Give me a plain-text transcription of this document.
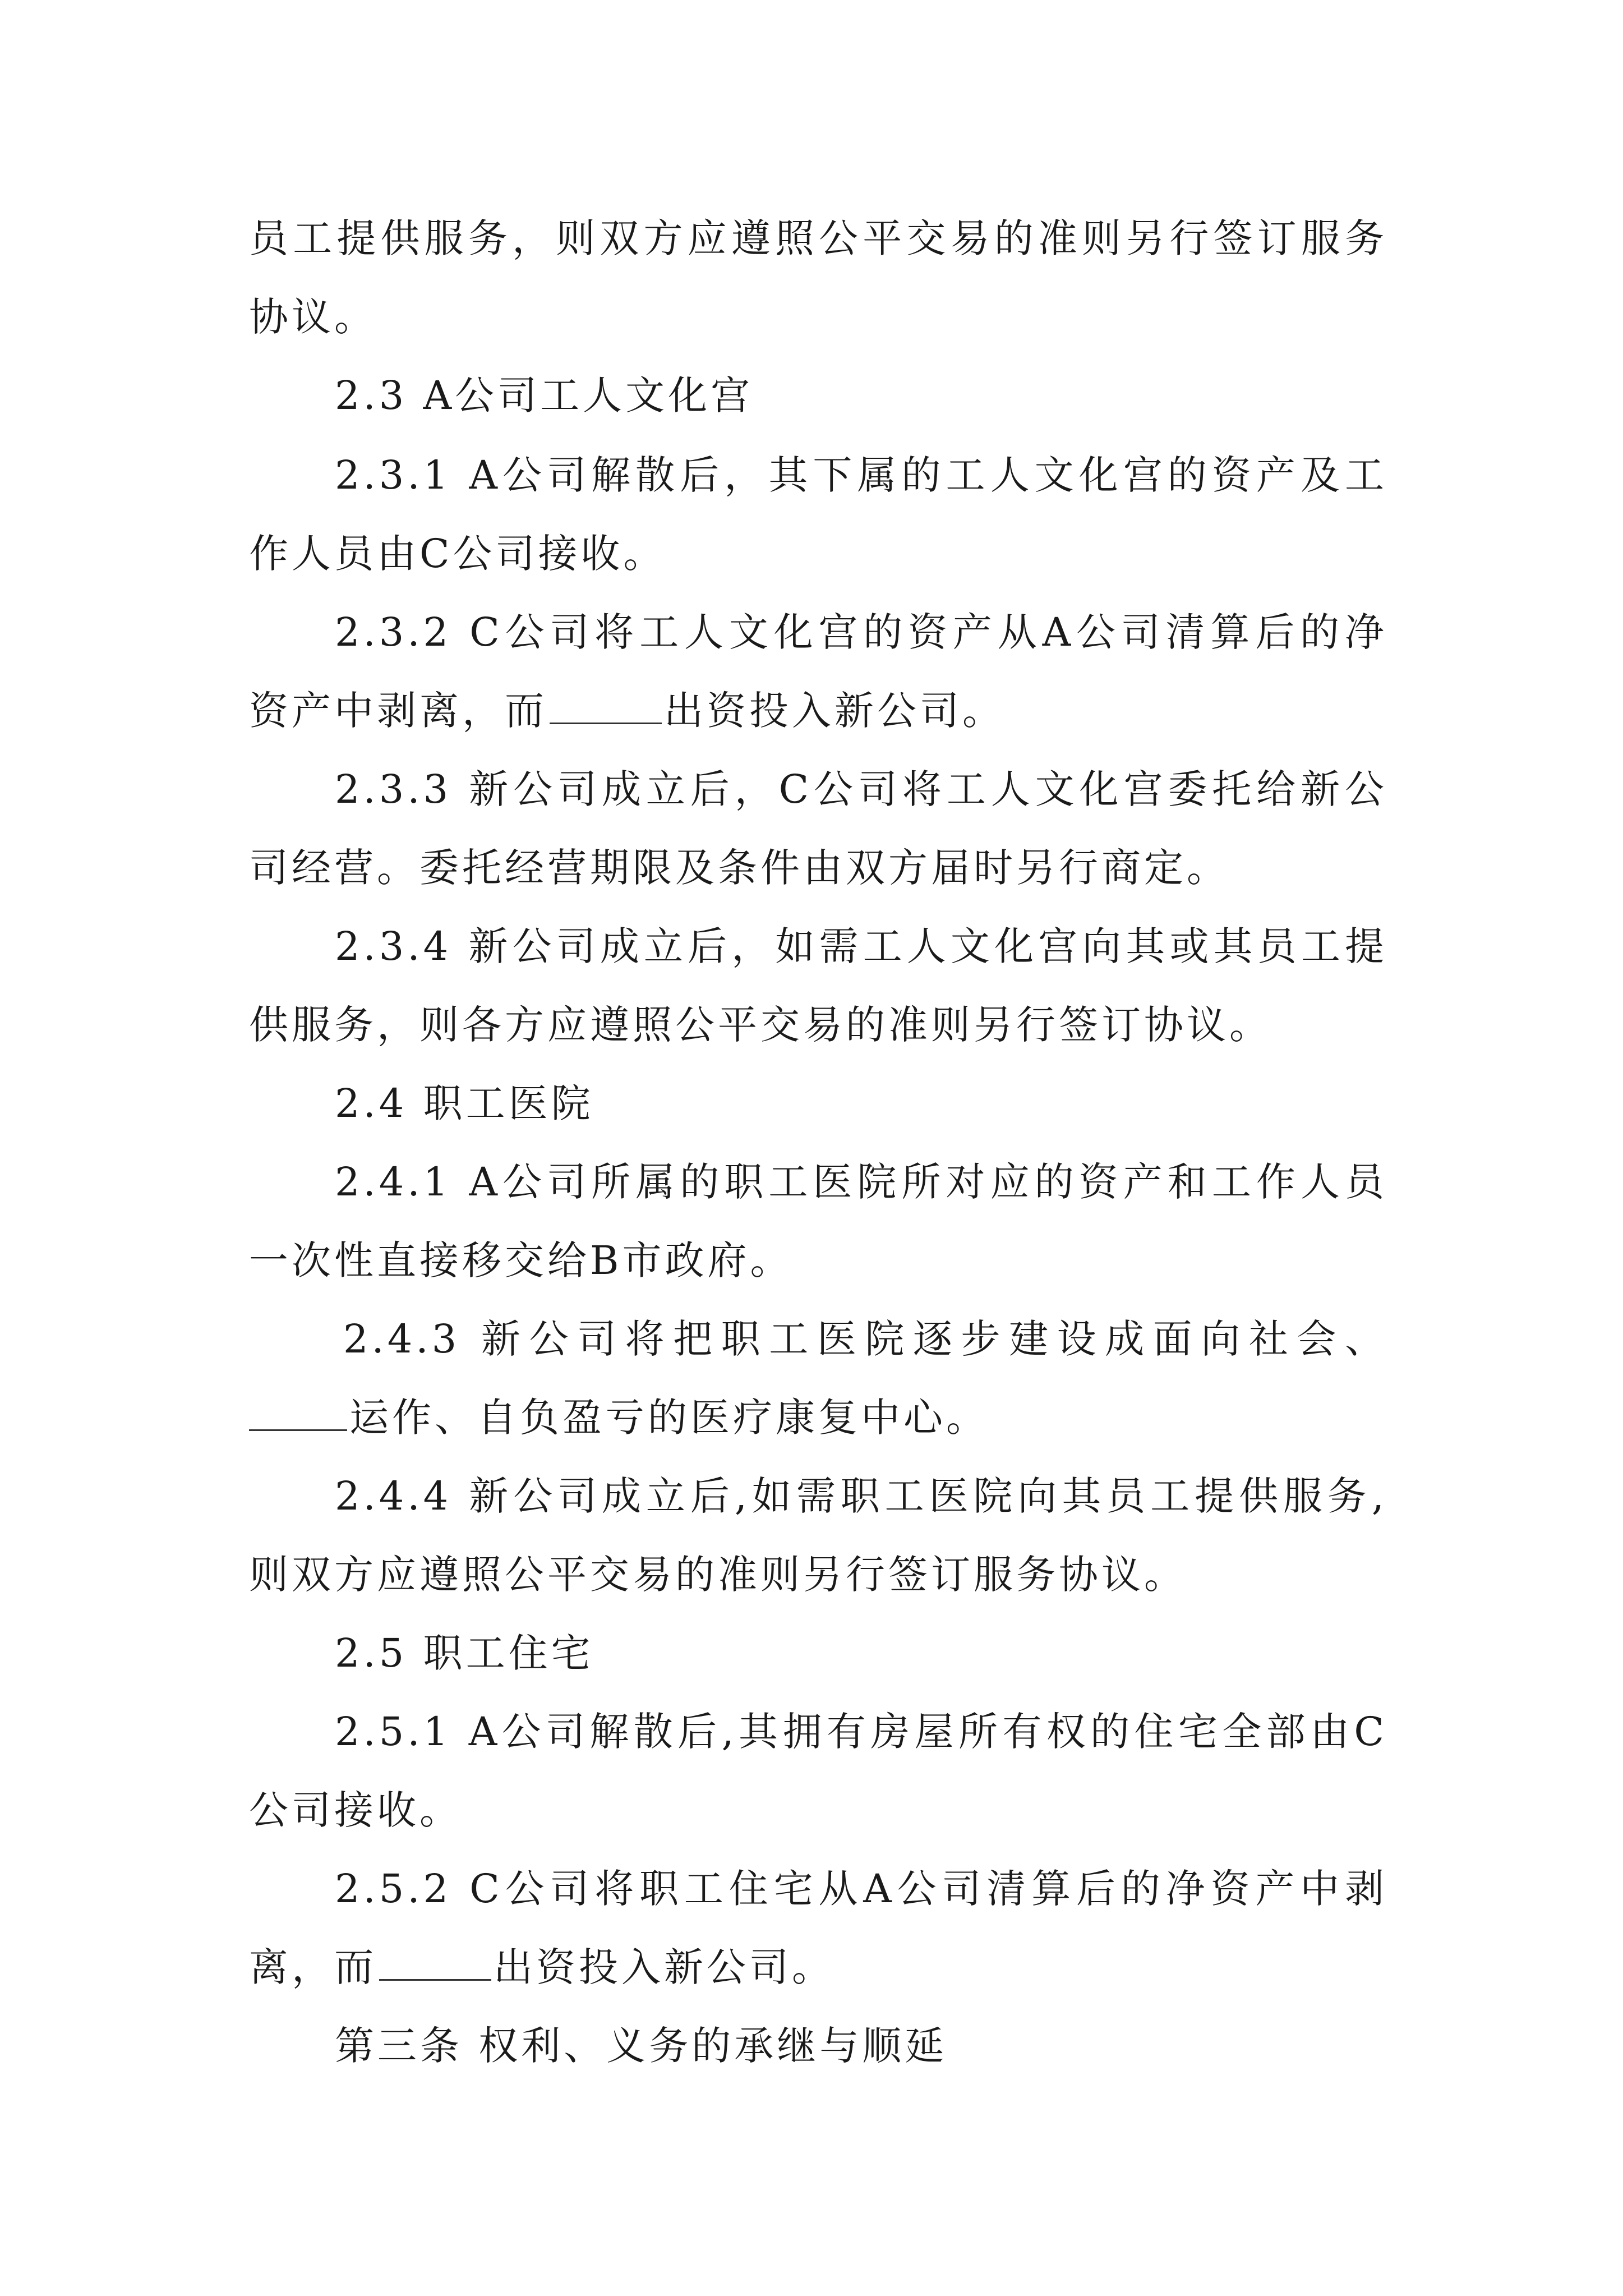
员工提供服务，则双方应遵照公平交易的准则另行签订服务
协议。
2.3 A公司工人文化宫
2.3.1 A公司解散后，其下属的工人文化宫的资产及工
作人员由C公司接收。
2.3.2 C公司将工人文化宫的资产从A公司清算后的净
资产中剥离，而	出资投入新公司。
2.3.3 新公司成立后，C公司将工人文化宫委托给新公
司经营。委托经营期限及条件由双方届时另行商定。
2.3.4 新公司成立后，如需工人文化宫向其或其员工提
供服务，则各方应遵照公平交易的准则另行签订协议。
2.4 职工医院
2.4.1 A公司所属的职工医院所对应的资产和工作人员
一次性直接移交给B市政府。
2.4.3 新公司将把职工医院逐步建设成面向社会、
运作、自负盈亏的医疗康复中心。
2.4.4 新公司成立后,如需职工医院向其员工提供服务,
则双方应遵照公平交易的准则另行签订服务协议。
2.5 职工住宅
2.5.1 A公司解散后,其拥有房屋所有权的住宅全部由C
公司接收。
2.5.2 C公司将职工住宅从A公司清算后的净资产中剥
离，而	出资投入新公司。
第三条 权利、义务的承继与顺延
